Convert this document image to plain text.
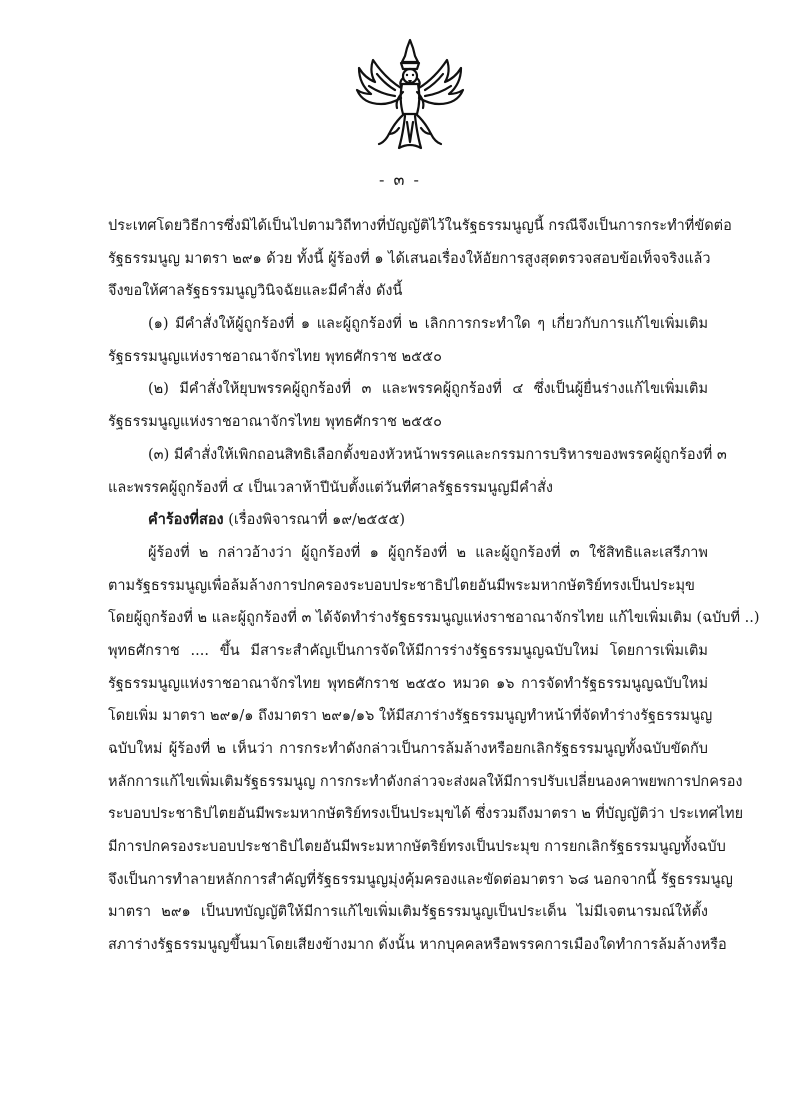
- ๓ -
ประเทศโดยวิธีการซึ่งมิได้เป็นไปตามวิถีทางที่บัญญัติไว้ในรัฐธรรมนูญนี้ กรณีจึงเป็นการกระทำที่ขัดต่อ
รัฐธรรมนูญ มาตรา ๒๙๑ ด้วย ทั้งนี้ ผู้ร้องที่ ๑ ได้เสนอเรื่องให้อัยการสูงสุดตรวจสอบข้อเท็จจริงแล้ว
จึงขอให้ศาลรัฐธรรมนูญวินิจฉัยและมีคำสั่ง ดังนี้
(๑) มีคำสั่งให้ผู้ถูกร้องที่ ๑ และผู้ถูกร้องที่ ๒ เลิกการกระทำใด ๆ เกี่ยวกับการแก้ไขเพิ่มเติม
รัฐธรรมนูญแห่งราชอาณาจักรไทย พุทธศักราช ๒๕๕๐
(๒) มีคำสั่งให้ยุบพรรคผู้ถูกร้องที่ ๓ และพรรคผู้ถูกร้องที่ ๔ ซึ่งเป็นผู้ยื่นร่างแก้ไขเพิ่มเติม
รัฐธรรมนูญแห่งราชอาณาจักรไทย พุทธศักราช ๒๕๕๐
(๓) มีคำสั่งให้เพิกถอนสิทธิเลือกตั้งของหัวหน้าพรรคและกรรมการบริหารของพรรคผู้ถูกร้องที่ ๓
และพรรคผู้ถูกร้องที่ ๔ เป็นเวลาห้าปีนับตั้งแต่วันที่ศาลรัฐธรรมนูญมีคำสั่ง
คำร้องที่สอง (เรื่องพิจารณาที่ ๑๙/๒๕๕๕)
ผู้ร้องที่ ๒ กล่าวอ้างว่า ผู้ถูกร้องที่ ๑ ผู้ถูกร้องที่ ๒ และผู้ถูกร้องที่ ๓ ใช้สิทธิและเสรีภาพ
ตามรัฐธรรมนูญเพื่อล้มล้างการปกครองระบอบประชาธิปไตยอันมีพระมหากษัตริย์ทรงเป็นประมุข
โดยผู้ถูกร้องที่ ๒ และผู้ถูกร้องที่ ๓ ได้จัดทำร่างรัฐธรรมนูญแห่งราชอาณาจักรไทย แก้ไขเพิ่มเติม (ฉบับที่ ..)
พุทธศักราช .... ขึ้น มีสาระสำคัญเป็นการจัดให้มีการร่างรัฐธรรมนูญฉบับใหม่ โดยการเพิ่มเติม
รัฐธรรมนูญแห่งราชอาณาจักรไทย พุทธศักราช ๒๕๕๐ หมวด ๑๖ การจัดทำรัฐธรรมนูญฉบับใหม่
โดยเพิ่ม มาตรา ๒๙๑/๑ ถึงมาตรา ๒๙๑/๑๖ ให้มีสภาร่างรัฐธรรมนูญทำหน้าที่จัดทำร่างรัฐธรรมนูญ
ฉบับใหม่ ผู้ร้องที่ ๒ เห็นว่า การกระทำดังกล่าวเป็นการล้มล้างหรือยกเลิกรัฐธรรมนูญทั้งฉบับขัดกับ
หลักการแก้ไขเพิ่มเติมรัฐธรรมนูญ การกระทำดังกล่าวจะส่งผลให้มีการปรับเปลี่ยนองคาพยพการปกครอง
ระบอบประชาธิปไตยอันมีพระมหากษัตริย์ทรงเป็นประมุขได้ ซึ่งรวมถึงมาตรา ๒ ที่บัญญัติว่า ประเทศไทย
มีการปกครองระบอบประชาธิปไตยอันมีพระมหากษัตริย์ทรงเป็นประมุข การยกเลิกรัฐธรรมนูญทั้งฉบับ
จึงเป็นการทำลายหลักการสำคัญที่รัฐธรรมนูญมุ่งคุ้มครองและขัดต่อมาตรา ๖๘ นอกจากนี้ รัฐธรรมนูญ
มาตรา ๒๙๑ เป็นบทบัญญัติให้มีการแก้ไขเพิ่มเติมรัฐธรรมนูญเป็นประเด็น ไม่มีเจตนารมณ์ให้ตั้ง
สภาร่างรัฐธรรมนูญขึ้นมาโดยเสียงข้างมาก ดังนั้น หากบุคคลหรือพรรคการเมืองใดทำการล้มล้างหรือ
